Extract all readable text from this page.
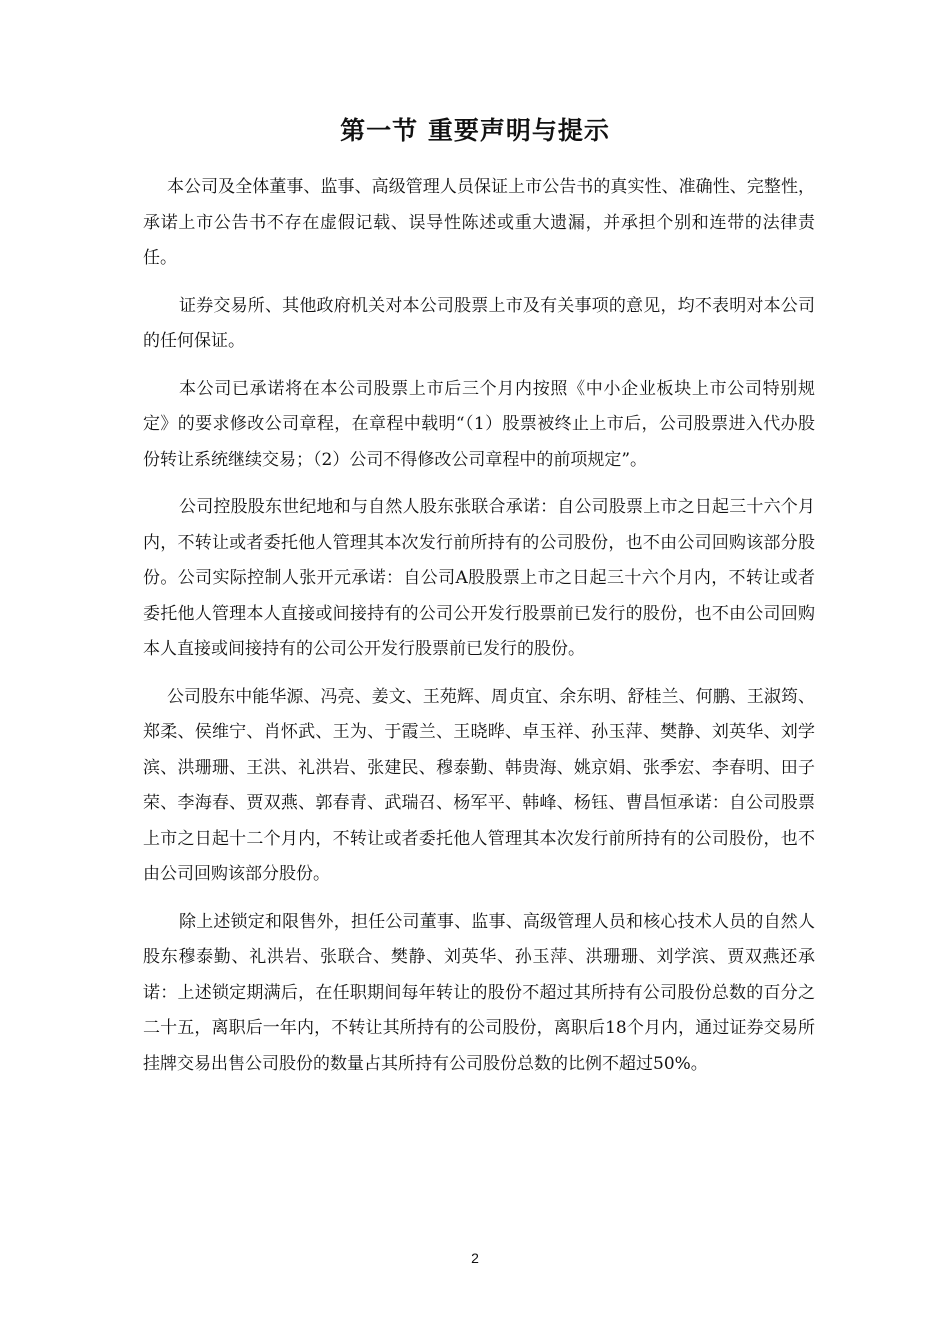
第一节 重要声明与提示

本公司及全体董事、监事、高级管理人员保证上市公告书的真实性、准确性、完整性，承诺上市公告书不存在虚假记载、误导性陈述或重大遗漏，并承担个别和连带的法律责任。

证券交易所、其他政府机关对本公司股票上市及有关事项的意见，均不表明对本公司的任何保证。

本公司已承诺将在本公司股票上市后三个月内按照《中小企业板块上市公司特别规定》的要求修改公司章程，在章程中载明“（1）股票被终止上市后，公司股票进入代办股份转让系统继续交易；（2）公司不得修改公司章程中的前项规定”。

公司控股股东世纪地和与自然人股东张联合承诺：自公司股票上市之日起三十六个月内，不转让或者委托他人管理其本次发行前所持有的公司股份，也不由公司回购该部分股份。公司实际控制人张开元承诺：自公司A股股票上市之日起三十六个月内，不转让或者委托他人管理本人直接或间接持有的公司公开发行股票前已发行的股份，也不由公司回购本人直接或间接持有的公司公开发行股票前已发行的股份。

公司股东中能华源、冯亮、姜文、王苑辉、周贞宜、余东明、舒桂兰、何鹏、王淑筠、郑柔、侯维宁、肖怀武、王为、于霞兰、王晓晔、卓玉祥、孙玉萍、樊静、刘英华、刘学滨、洪珊珊、王洪、礼洪岩、张建民、穆泰勤、韩贵海、姚京娟、张季宏、李春明、田子荣、李海春、贾双燕、郭春青、武瑞召、杨军平、韩峰、杨钰、曹昌恒承诺：自公司股票上市之日起十二个月内，不转让或者委托他人管理其本次发行前所持有的公司股份，也不由公司回购该部分股份。

除上述锁定和限售外，担任公司董事、监事、高级管理人员和核心技术人员的自然人股东穆泰勤、礼洪岩、张联合、樊静、刘英华、孙玉萍、洪珊珊、刘学滨、贾双燕还承诺：上述锁定期满后，在任职期间每年转让的股份不超过其所持有公司股份总数的百分之二十五，离职后一年内，不转让其所持有的公司股份，离职后18个月内，通过证券交易所挂牌交易出售公司股份的数量占其所持有公司股份总数的比例不超过50%。

2
